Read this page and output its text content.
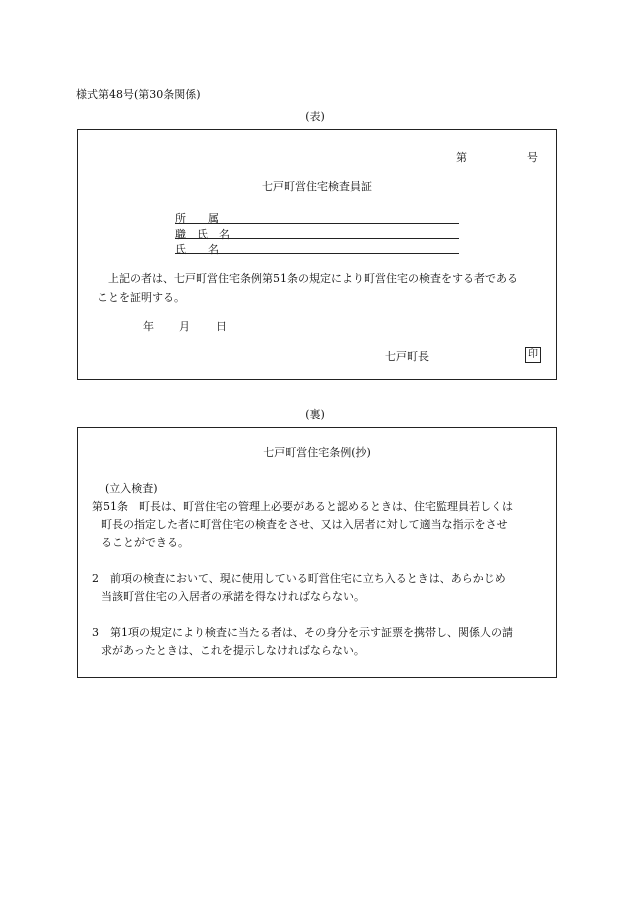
様式第48号(第30条関係)
(表)
第	号
七戸町営住宅検査員証
所　　属
職　氏　名
氏　　名
上記の者は、七戸町営住宅条例第51条の規定により町営住宅の検査をする者である
ことを証明する。
年 月 日
七戸町長	印
(裏)
七戸町営住宅条例(抄)
(立入検査)
第51条　町長は、町営住宅の管理上必要があると認めるときは、住宅監理員若しくは
町長の指定した者に町営住宅の検査をさせ、又は入居者に対して適当な指示をさせ
ることができる。
2　前項の検査において、現に使用している町営住宅に立ち入るときは、あらかじめ
当該町営住宅の入居者の承諾を得なければならない。
3　第1項の規定により検査に当たる者は、その身分を示す証票を携帯し、関係人の請
求があったときは、これを提示しなければならない。
